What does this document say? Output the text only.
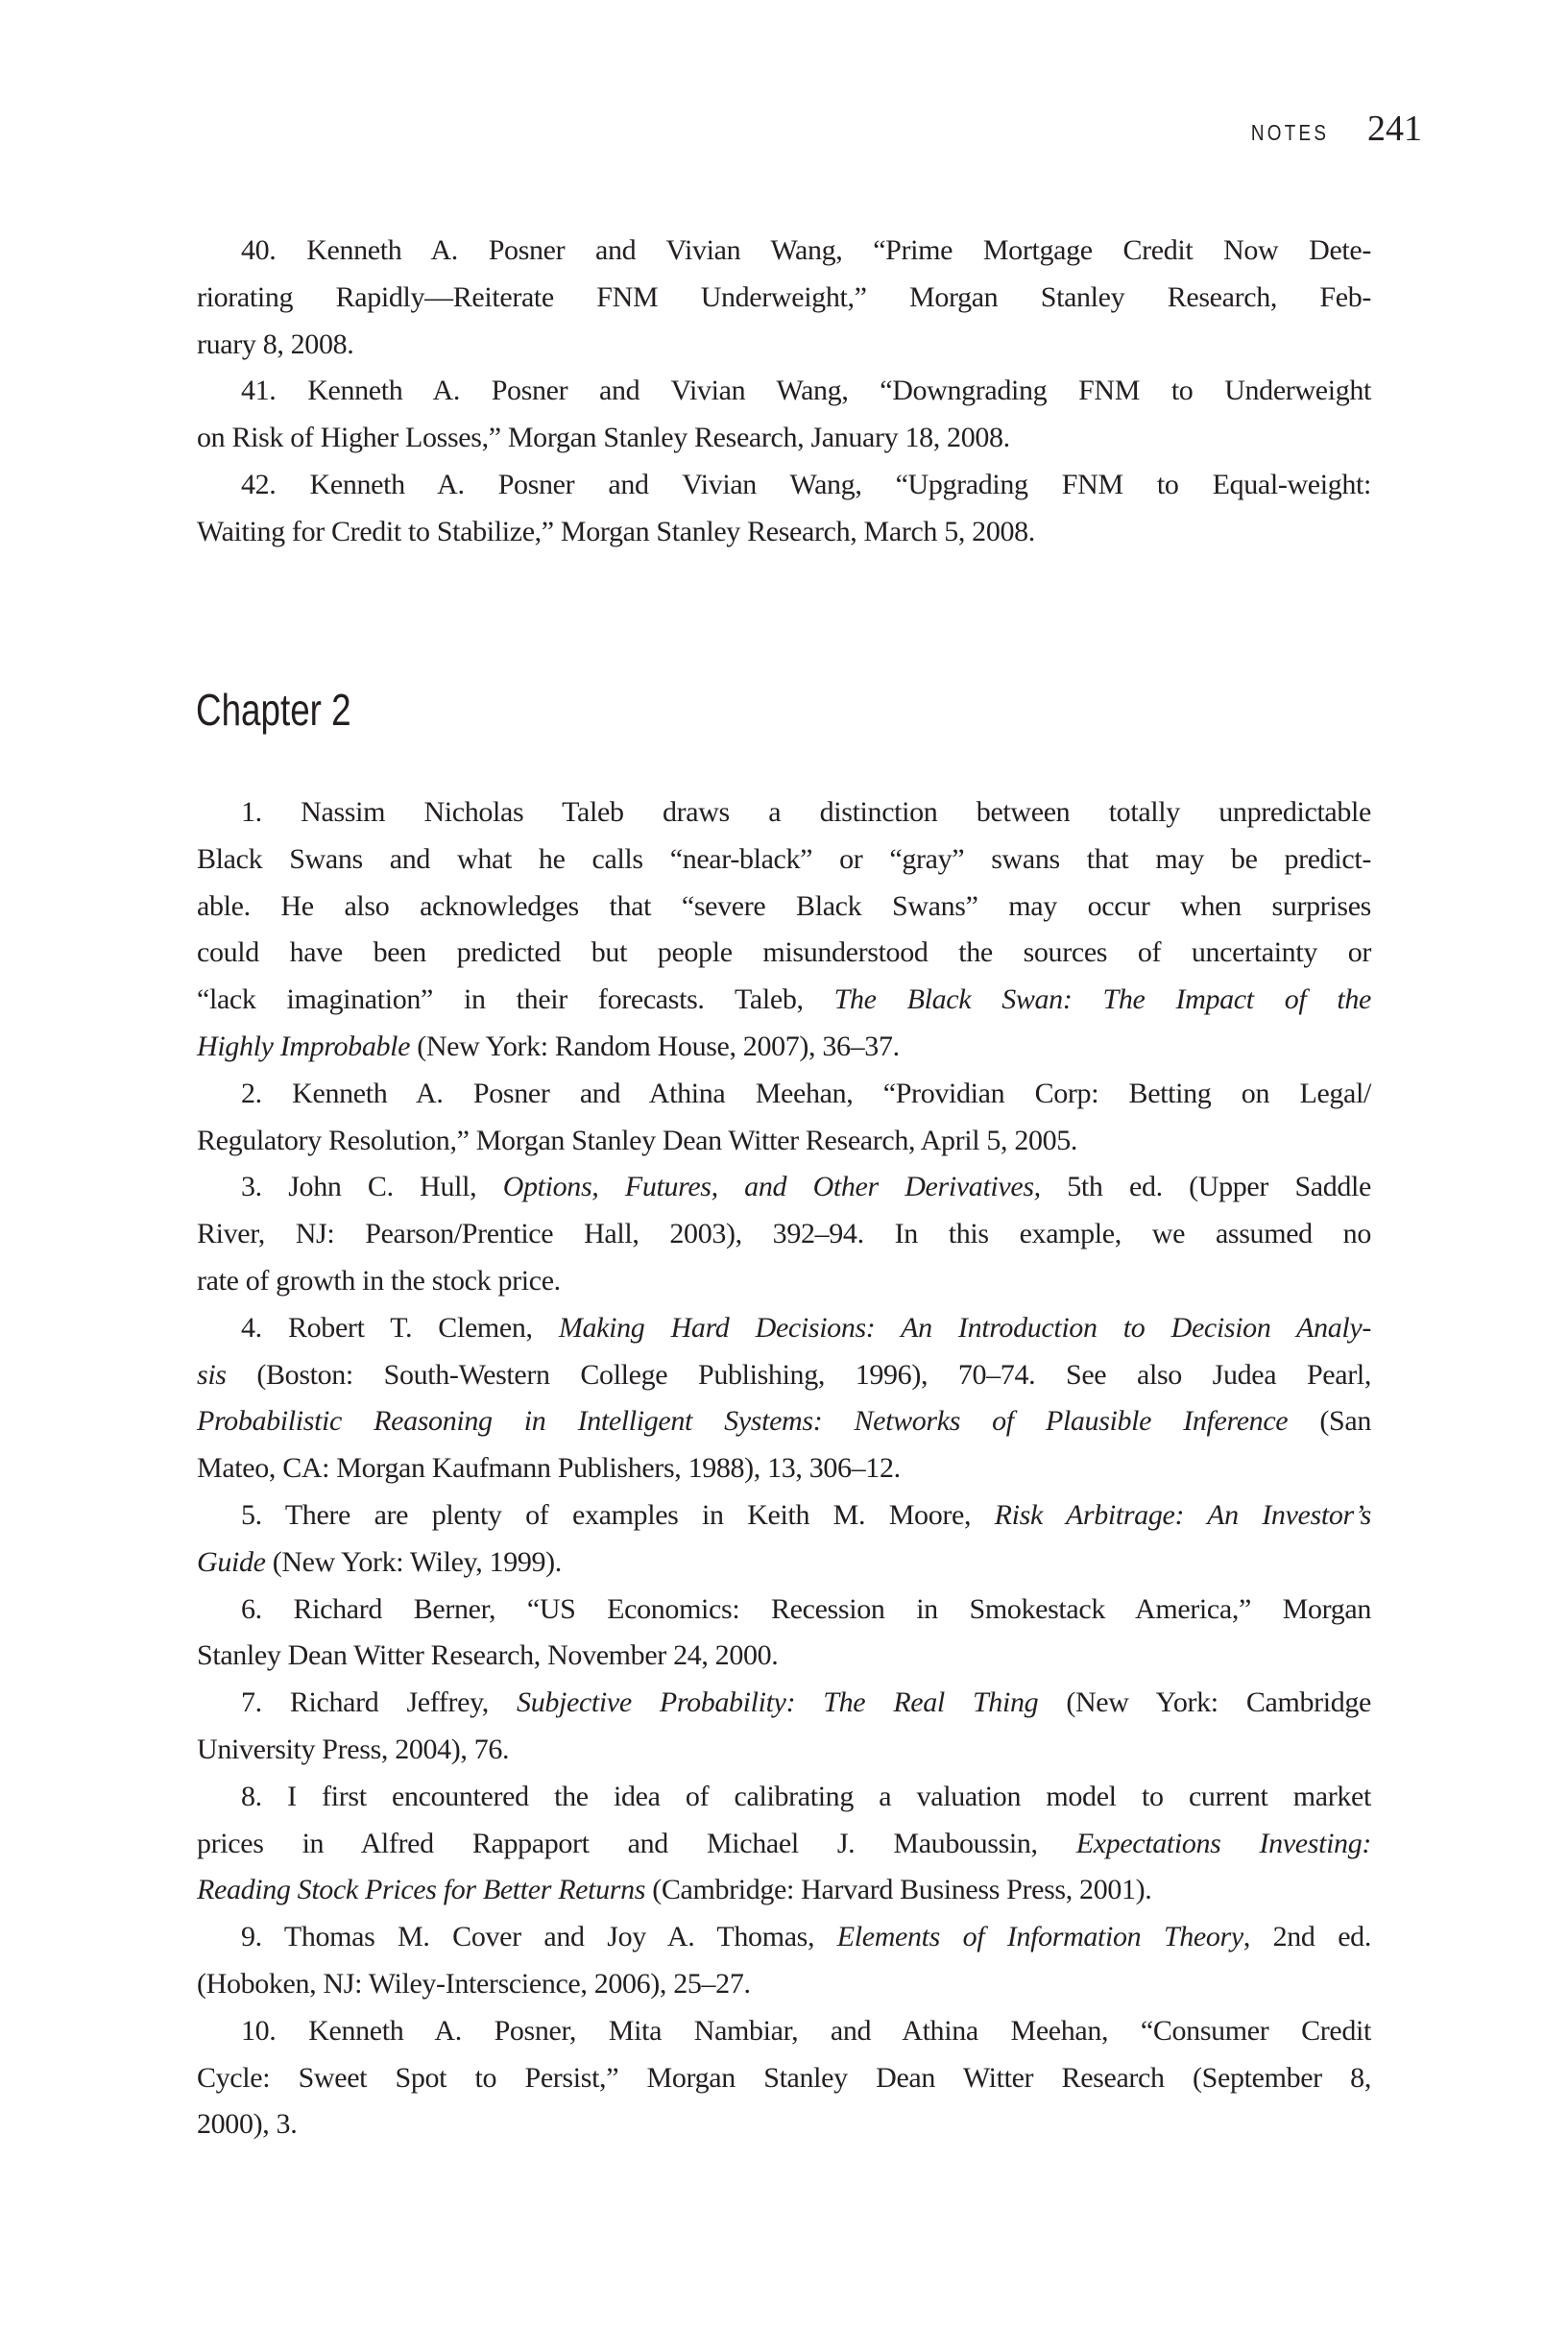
NOTES 241
40. Kenneth A. Posner and Vivian Wang, “Prime Mortgage Credit Now Dete-
riorating Rapidly—Reiterate FNM Underweight,” Morgan Stanley Research, Feb-
ruary 8, 2008.
41. Kenneth A. Posner and Vivian Wang, “Downgrading FNM to Underweight
on Risk of Higher Losses,” Morgan Stanley Research, January 18, 2008.
42. Kenneth A. Posner and Vivian Wang, “Upgrading FNM to Equal-weight:
Waiting for Credit to Stabilize,” Morgan Stanley Research, March 5, 2008.
Chapter 2
1. Nassim Nicholas Taleb draws a distinction between totally unpredictable
Black Swans and what he calls “near-black” or “gray” swans that may be predict-
able. He also acknowledges that “severe Black Swans” may occur when surprises
could have been predicted but people misunderstood the sources of uncertainty or
“lack imagination” in their forecasts. Taleb, The Black Swan: The Impact of the
Highly Improbable (New York: Random House, 2007), 36–37.
2. Kenneth A. Posner and Athina Meehan, “Providian Corp: Betting on Legal/
Regulatory Resolution,” Morgan Stanley Dean Witter Research, April 5, 2005.
3. John C. Hull, Options, Futures, and Other Derivatives, 5th ed. (Upper Saddle
River, NJ: Pearson/Prentice Hall, 2003), 392–94. In this example, we assumed no
rate of growth in the stock price.
4. Robert T. Clemen, Making Hard Decisions: An Introduction to Decision Analy-
sis (Boston: South-Western College Publishing, 1996), 70–74. See also Judea Pearl,
Probabilistic Reasoning in Intelligent Systems: Networks of Plausible Inference (San
Mateo, CA: Morgan Kaufmann Publishers, 1988), 13, 306–12.
5. There are plenty of examples in Keith M. Moore, Risk Arbitrage: An Investor’s
Guide (New York: Wiley, 1999).
6. Richard Berner, “US Economics: Recession in Smokestack America,” Morgan
Stanley Dean Witter Research, November 24, 2000.
7. Richard Jeffrey, Subjective Probability: The Real Thing (New York: Cambridge
University Press, 2004), 76.
8. I first encountered the idea of calibrating a valuation model to current market
prices in Alfred Rappaport and Michael J. Mauboussin, Expectations Investing:
Reading Stock Prices for Better Returns (Cambridge: Harvard Business Press, 2001).
9. Thomas M. Cover and Joy A. Thomas, Elements of Information Theory, 2nd ed.
(Hoboken, NJ: Wiley-Interscience, 2006), 25–27.
10. Kenneth A. Posner, Mita Nambiar, and Athina Meehan, “Consumer Credit
Cycle: Sweet Spot to Persist,” Morgan Stanley Dean Witter Research (September 8,
2000), 3.
